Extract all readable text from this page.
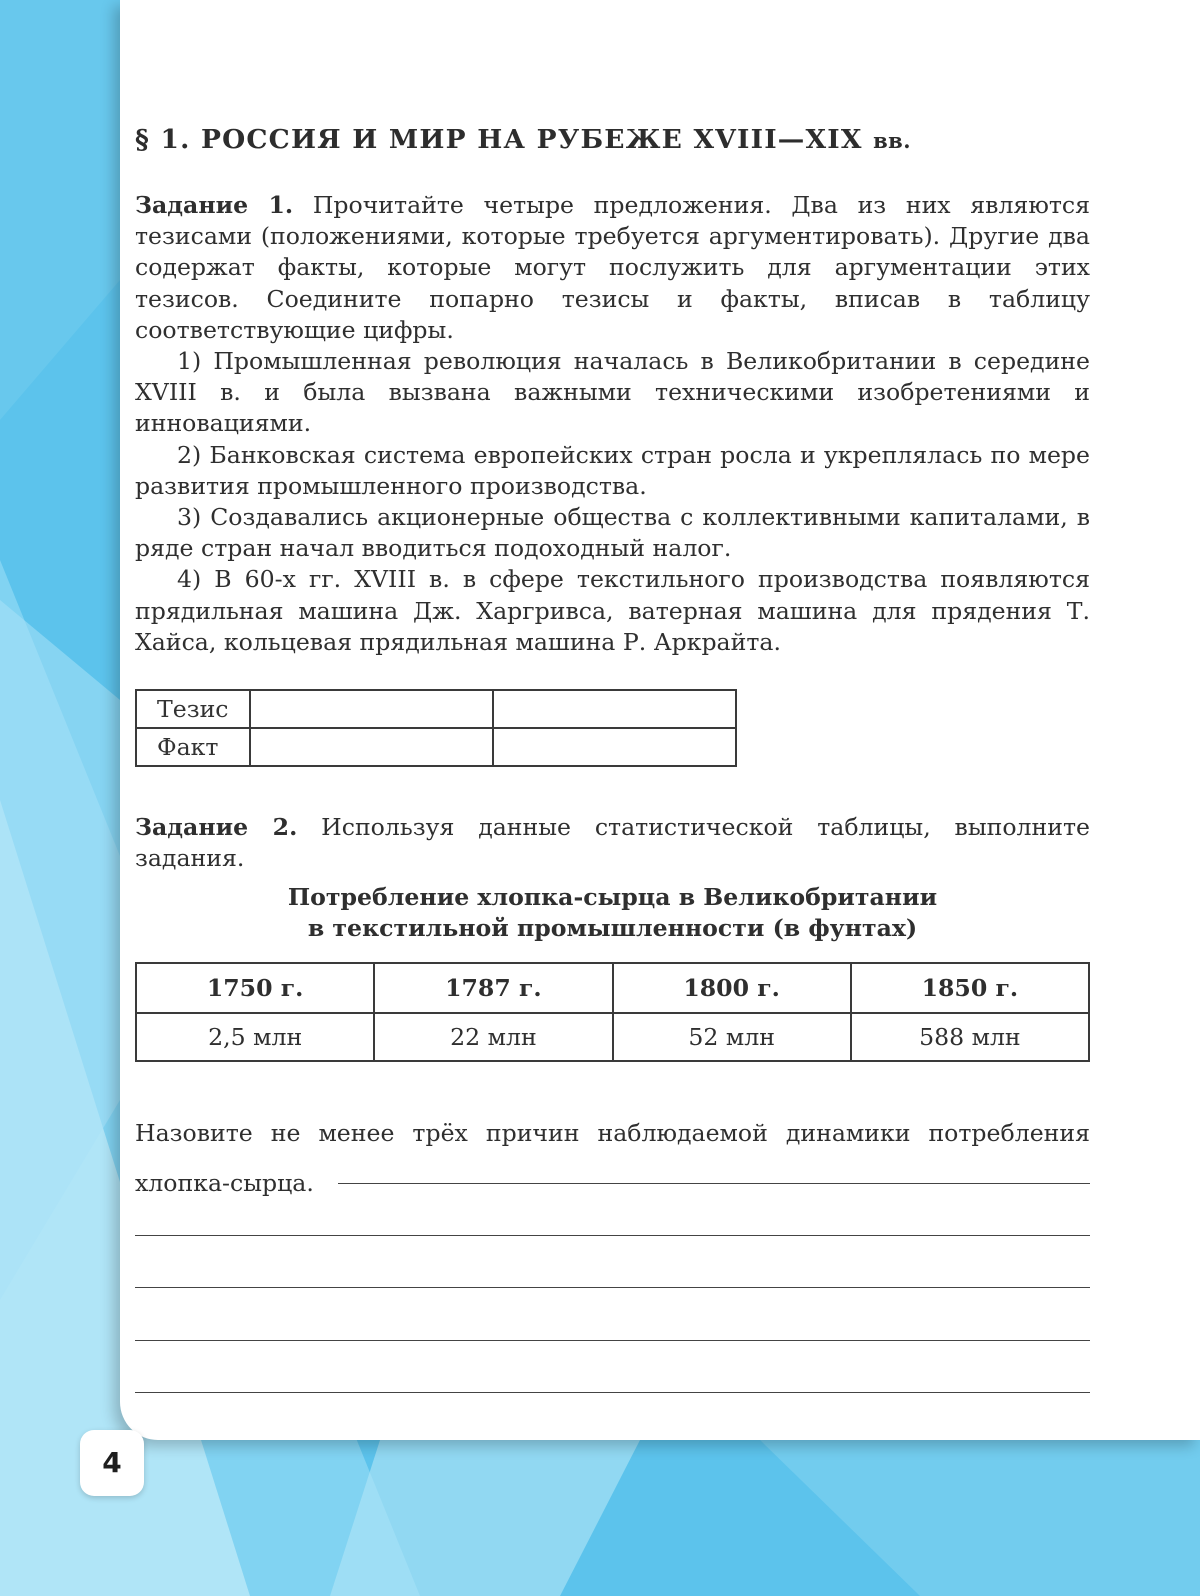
§ 1. РОССИЯ И МИР НА РУБЕЖЕ XVIII—XIX вв.

Задание 1. Прочитайте четыре предложения. Два из них являются тезисами (положениями, которые требуется аргументировать). Другие два содержат факты, которые могут послужить для аргументации этих тезисов. Соедините попарно тезисы и факты, вписав в таблицу соответствующие цифры.

1) Промышленная революция началась в Великобритании в середине XVIII в. и была вызвана важными техническими изобретениями и инновациями.

2) Банковская система европейских стран росла и укреплялась по мере развития промышленного производства.

3) Создавались акционерные общества с коллективными капиталами, в ряде стран начал вводиться подоходный налог.

4) В 60-х гг. XVIII в. в сфере текстильного производства появляются прядильная машина Дж. Харгривса, ватерная машина для прядения Т. Хайса, кольцевая прядильная машина Р. Аркрайта.

Тезис		
Факт		

Задание 2. Используя данные статистической таблицы, выполните задания.

Потребление хлопка-сырца в Великобритании
в текстильной промышленности (в фунтах)
1750 г.	1787 г.	1800 г.	1850 г.
2,5 млн	22 млн	52 млн	588 млн

Назовите не менее трёх причин наблюдаемой динамики потребления хлопка-сырца.

4
